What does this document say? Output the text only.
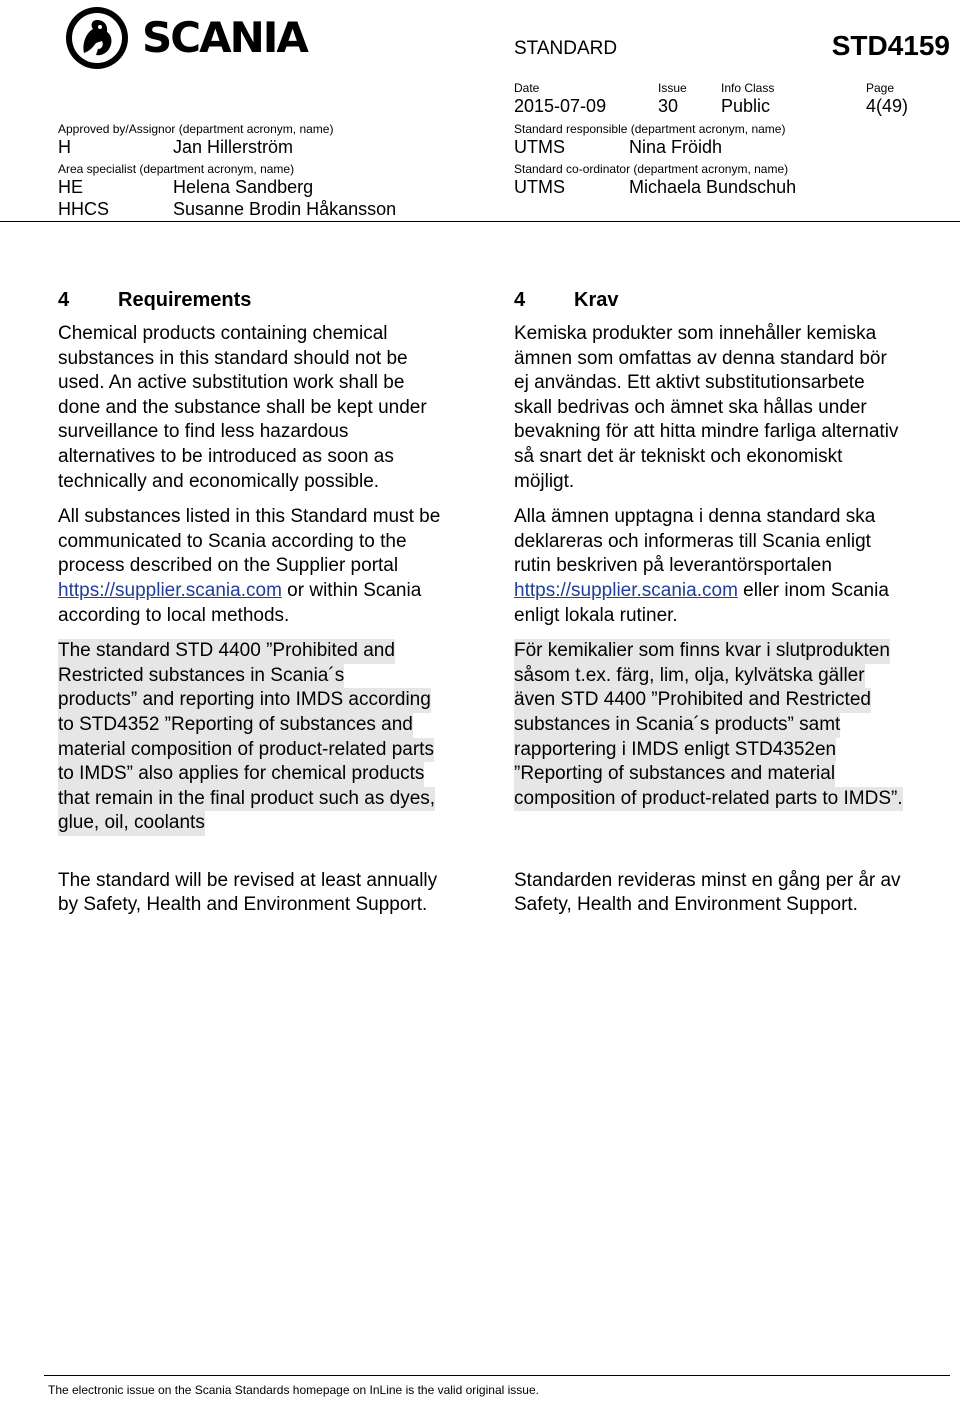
SCANIA	STANDARD	STD4159
Date	Issue	Info Class	Page
2015-07-09	30 Public	4(49)
Approved by/Assignor (department acronym, name)	Standard responsible (department acronym, name)
H	Jan Hillerström	UTMS	Nina Fröidh
Area specialist (department acronym, name)	Standard co-ordinator (department acronym, name)
HE	Helena Sandberg	UTMS	Michaela Bundschuh
HHCS	Susanne Brodin Håkansson
4 Requirements
Chemical products containing chemical
substances in this standard should not be
used. An active substitution work shall be
done and the substance shall be kept under
surveillance to find less hazardous
alternatives to be introduced as soon as
technically and economically possible.
All substances listed in this Standard must be
communicated to Scania according to the
process described on the Supplier portal
https://supplier.scania.com or within Scania
according to local methods.
The standard STD 4400 ”Prohibited and
Restricted substances in Scania´s
products” and reporting into IMDS according
to STD4352 ”Reporting of substances and
material composition of product-related parts
to IMDS” also applies for chemical products
that remain in the final product such as dyes,
glue, oil, coolants
The standard will be revised at least annually
by Safety, Health and Environment Support.
4 Krav
Kemiska produkter som innehåller kemiska
ämnen som omfattas av denna standard bör
ej användas. Ett aktivt substitutionsarbete
skall bedrivas och ämnet ska hållas under
bevakning för att hitta mindre farliga alternativ
så snart det är tekniskt och ekonomiskt
möjligt.
Alla ämnen upptagna i denna standard ska
deklareras och informeras till Scania enligt
rutin beskriven på leverantörsportalen
https://supplier.scania.com eller inom Scania
enligt lokala rutiner.
För kemikalier som finns kvar i slutprodukten
såsom t.ex. färg, lim, olja, kylvätska gäller
även STD 4400 ”Prohibited and Restricted
substances in Scania´s products” samt
rapportering i IMDS enligt STD4352en
”Reporting of substances and material
composition of product-related parts to IMDS”.
Standarden revideras minst en gång per år av
Safety, Health and Environment Support.
The electronic issue on the Scania Standards homepage on InLine is the valid original issue.
